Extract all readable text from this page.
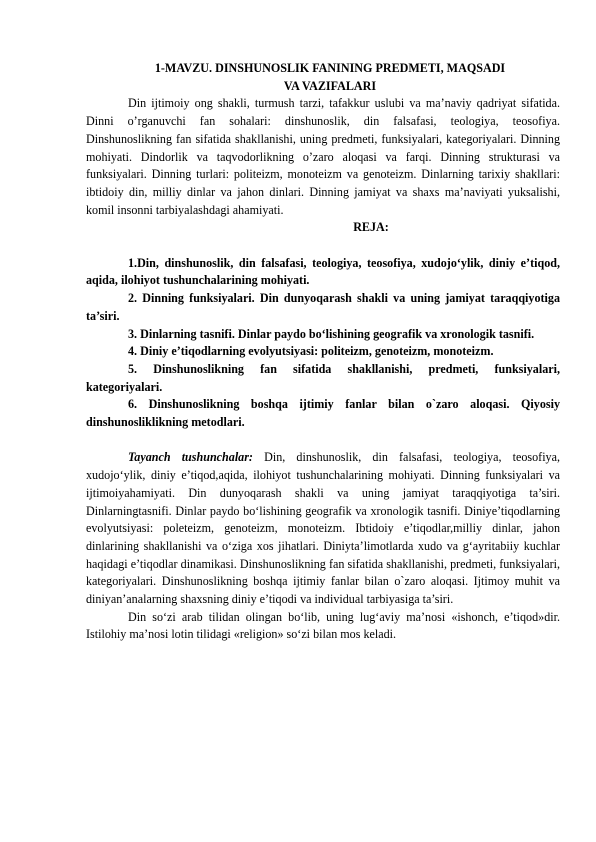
1-MAVZU. DINSHUNOSLIK FANINING PREDMETI, MAQSADI
VA VAZIFALARI

Din ijtimoiy ong shakli, turmush tarzi, tafakkur uslubi va ma’naviy qadriyat sifatida. Dinni o’rganuvchi fan sohalari: dinshunoslik, din falsafasi, teologiya, teosofiya. Dinshunoslikning fan sifatida shakllanishi, uning predmeti, funksiyalari, kategoriyalari. Dinning mohiyati. Dindorlik va taqvodorlikning o’zaro aloqasi va farqi. Dinning strukturasi va funksiyalari. Dinning turlari: politeizm, monoteizm va genoteizm. Dinlarning tarixiy shakllari: ibtidoiy din, milliy dinlar va jahon dinlari. Dinning jamiyat va shaxs ma’naviyati yuksalishi, komil insonni tarbiyalashdagi ahamiyati.

REJA:

1.Din, dinshunoslik, din falsafasi, teologiya, teosofiya, xudojo‘ylik, diniy e’tiqod, aqida, ilohiyot tushunchalarining mohiyati.

2. Dinning funksiyalari. Din dunyoqarash shakli va uning jamiyat taraqqiyotiga ta’siri.

3. Dinlarning tasnifi. Dinlar paydo bo‘lishining geografik va xronologik tasnifi.

4. Diniy e’tiqodlarning evolyutsiyasi: politeizm, genoteizm, monoteizm.

5. Dinshunoslikning fan sifatida shakllanishi, predmeti, funksiyalari, kategoriyalari.

6. Dinshunoslikning boshqa ijtimiy fanlar bilan o`zaro aloqasi. Qiyosiy dinshunosliklikning metodlari.

Tayanch tushunchalar: Din, dinshunoslik, din falsafasi, teologiya, teosofiya, xudojo‘ylik, diniy e’tiqod,aqida, ilohiyot tushunchalarining mohiyati. Dinning funksiyalari va ijtimoiyahamiyati. Din dunyoqarash shakli va uning jamiyat taraqqiyotiga ta’siri. Dinlarningtasnifi. Dinlar paydo bo‘lishining geografik va xronologik tasnifi. Diniye’tiqodlarning evolyutsiyasi: poleteizm, genoteizm, monoteizm. Ibtidoiy e’tiqodlar,milliy dinlar, jahon dinlarining shakllanishi va o‘ziga xos jihatlari. Diniyta’limotlarda xudo va g‘ayritabiiy kuchlar haqidagi e’tiqodlar dinamikasi. Dinshunoslikning fan sifatida shakllanishi, predmeti, funksiyalari, kategoriyalari. Dinshunoslikning boshqa ijtimiy fanlar bilan o`zaro aloqasi. Ijtimoy muhit va diniyan’analarning shaxsning diniy e’tiqodi va individual tarbiyasiga ta’siri.

Din so‘zi arab tilidan olingan bo‘lib, uning lug‘aviy ma’nosi «ishonch, e’tiqod»dir. Istilohiy ma’nosi lotin tilidagi «religion» so‘zi bilan mos keladi.
